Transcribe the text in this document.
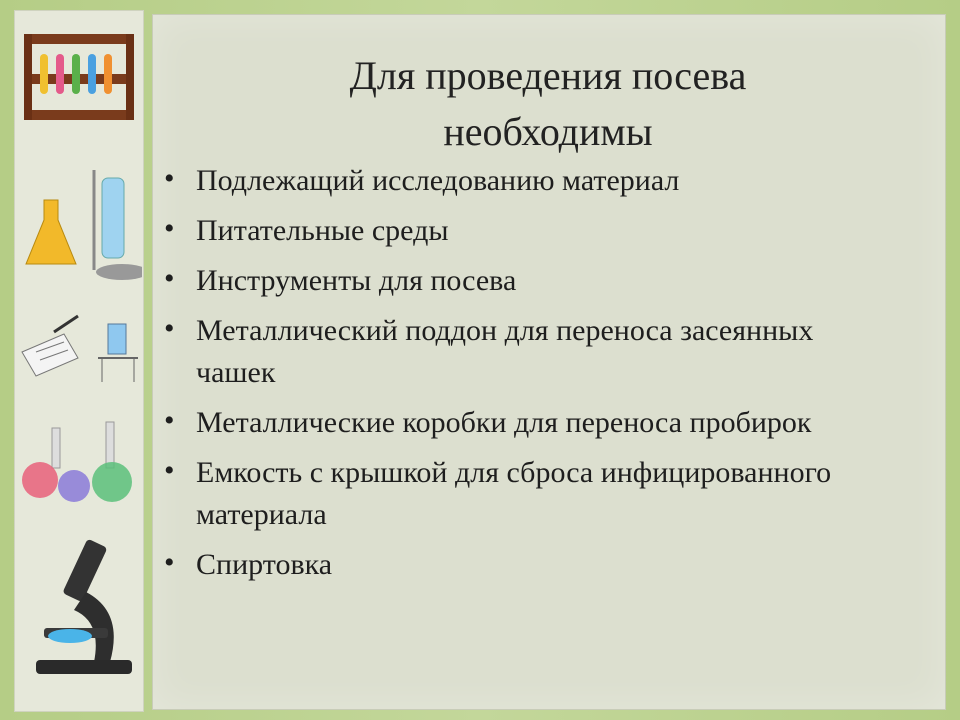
Для проведения посева
необходимы
• Подлежащий исследованию материал
• Питательные среды
• Инструменты для посева
• Металлический поддон для переноса засеянных чашек
• Металлические коробки для переноса пробирок
• Емкость с крышкой для сброса инфицированного материала
• Спиртовка
